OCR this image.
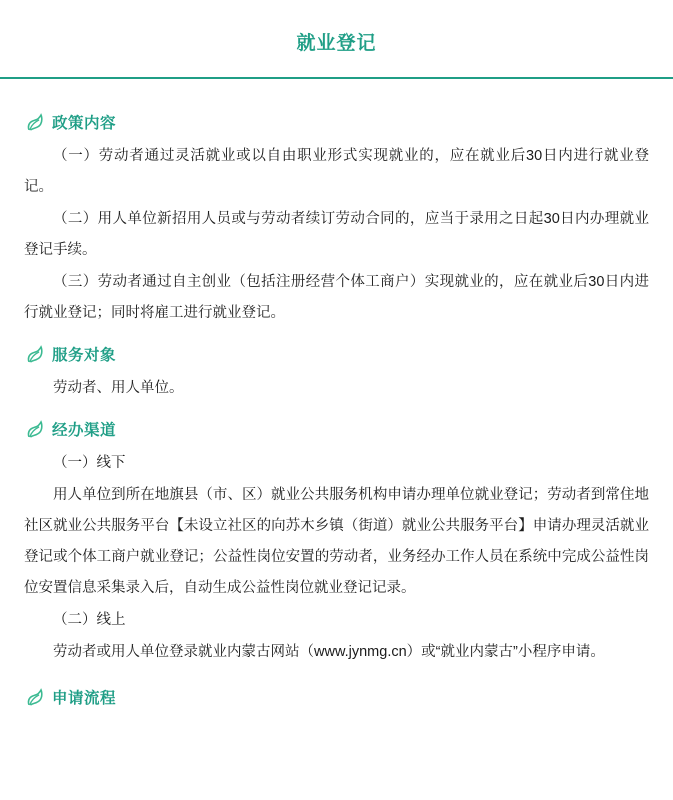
就业登记
政策内容

（一）劳动者通过灵活就业或以自由职业形式实现就业的，应在就业后30日内进行就业登记。

（二）用人单位新招用人员或与劳动者续订劳动合同的，应当于录用之日起30日内办理就业登记手续。

（三）劳动者通过自主创业（包括注册经营个体工商户）实现就业的，应在就业后30日内进行就业登记；同时将雇工进行就业登记。

服务对象

劳动者、用人单位。

经办渠道

（一）线下

用人单位到所在地旗县（市、区）就业公共服务机构申请办理单位就业登记；劳动者到常住地社区就业公共服务平台【未设立社区的向苏木乡镇（街道）就业公共服务平台】申请办理灵活就业登记或个体工商户就业登记；公益性岗位安置的劳动者，业务经办工作人员在系统中完成公益性岗位安置信息采集录入后，自动生成公益性岗位就业登记记录。

（二）线上

劳动者或用人单位登录就业内蒙古网站（www.jynmg.cn）或“就业内蒙古”小程序申请。

申请流程
